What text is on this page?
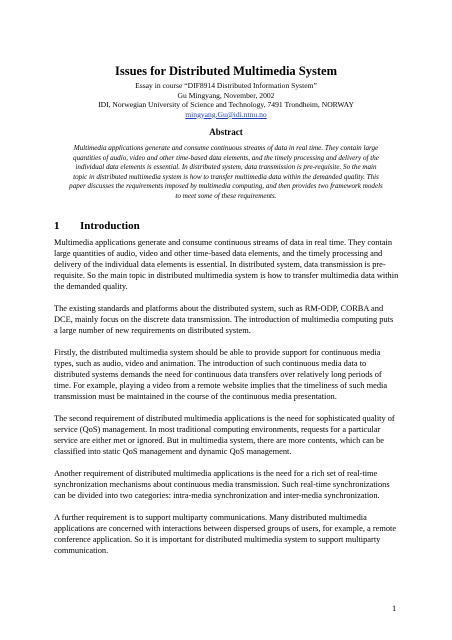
Issues for Distributed Multimedia System
Essay in course “DIF8914 Distributed Information System”
Gu Mingyang, November, 2002
IDI, Norwegian University of Science and Technology, 7491 Trondheim, NORWAY
mingyang.Gu@idi.ntnu.no
Abstract
Multimedia applications generate and consume continuous streams of data in real time. They contain large quantities of audio, video and other time-based data elements, and the timely processing and delivery of the individual data elements is essential. In distributed system, data transmission is pre-requisite. So the main topic in distributed multimedia system is how to transfer multimedia data within the demanded quality. This paper discusses the requirements imposed by multimedia computing, and then provides two framework models to meet some of these requirements.
1 Introduction

Multimedia applications generate and consume continuous streams of data in real time. They contain large quantities of audio, video and other time-based data elements, and the timely processing and delivery of the individual data elements is essential. In distributed system, data transmission is pre-requisite. So the main topic in distributed multimedia system is how to transfer multimedia data within the demanded quality.

The existing standards and platforms about the distributed system, such as RM-ODP, CORBA and DCE, mainly focus on the discrete data transmission. The introduction of multimedia computing puts a large number of new requirements on distributed system.

Firstly, the distributed multimedia system should be able to provide support for continuous media types, such as audio, video and animation. The introduction of such continuous media data to distributed systems demands the need for continuous data transfers over relatively long periods of time. For example, playing a video from a remote website implies that the timeliness of such media transmission must be maintained in the course of the continuous media presentation.

The second requirement of distributed multimedia applications is the need for sophisticated quality of service (QoS) management. In most traditional computing environments, requests for a particular service are either met or ignored. But in multimedia system, there are more contents, which can be classified into static QoS management and dynamic QoS management.

Another requirement of distributed multimedia applications is the need for a rich set of real-time synchronization mechanisms about continuous media transmission. Such real-time synchronizations can be divided into two categories: intra-media synchronization and inter-media synchronization.

A further requirement is to support multiparty communications. Many distributed multimedia applications are concerned with interactions between dispersed groups of users, for example, a remote conference application. So it is important for distributed multimedia system to support multiparty communication.

1
